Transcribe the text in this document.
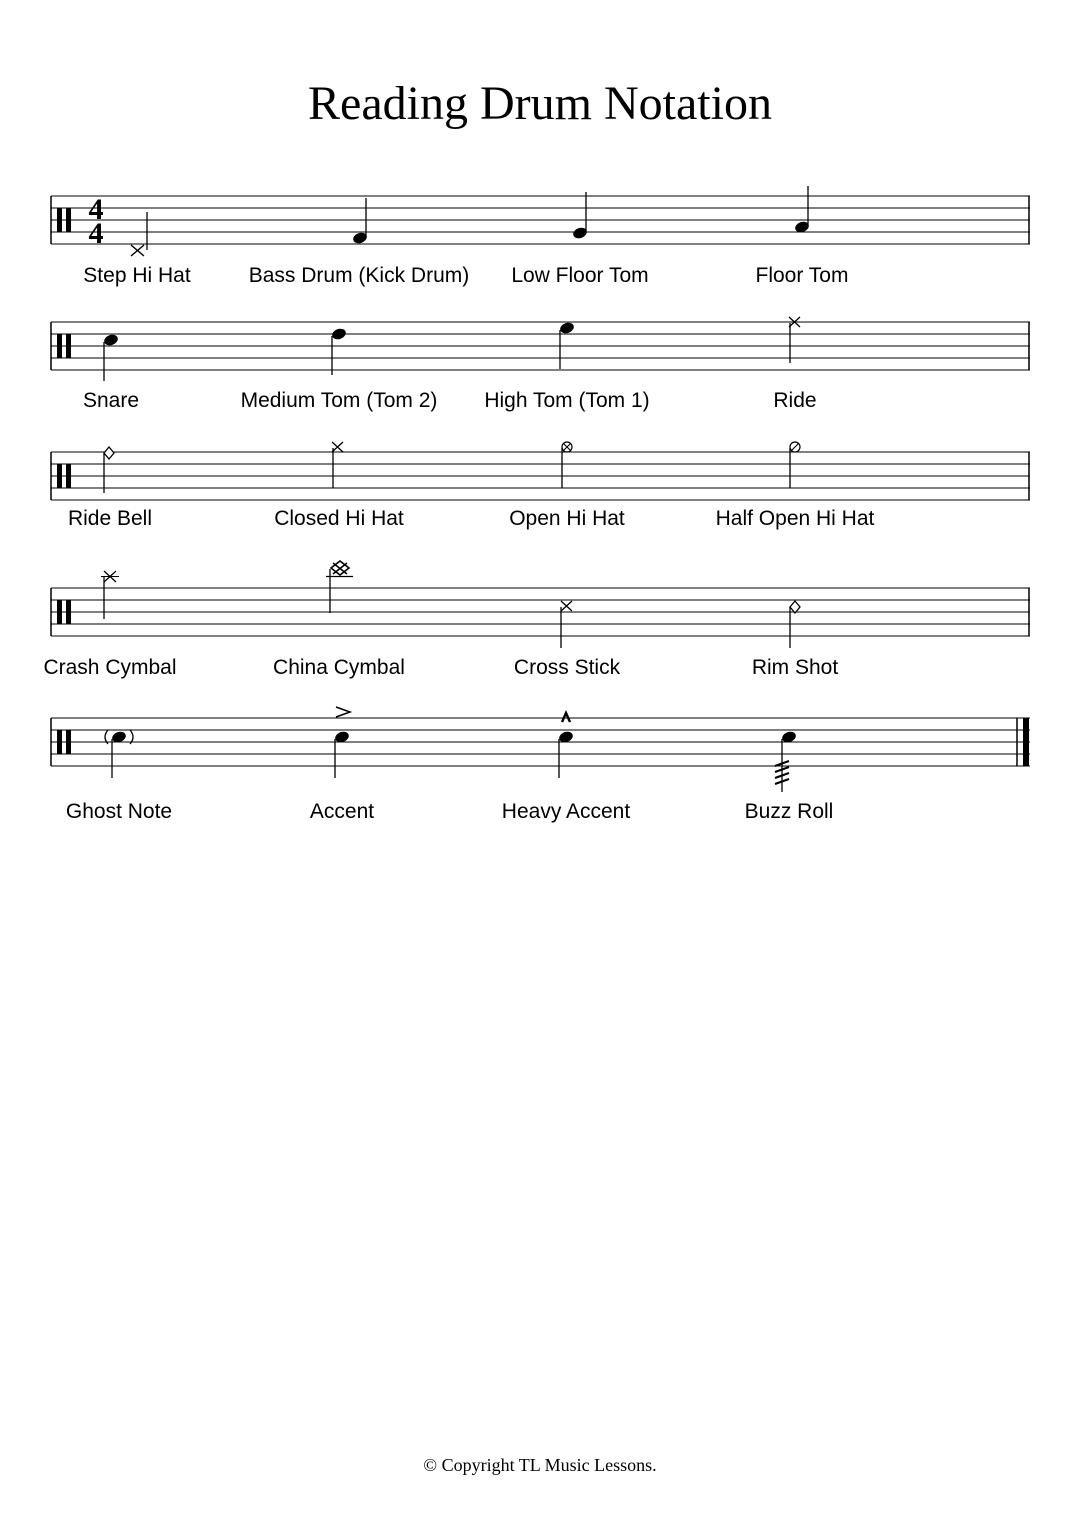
Reading Drum Notation
4
4
Step Hi Hat	Bass Drum (Kick Drum) Low Floor Tom	Floor Tom
Snare	Medium Tom (Tom 2) High Tom (Tom 1)	Ride
Ride Bell	Closed Hi Hat	Open Hi Hat	Half Open Hi Hat
Crash Cymbal	China Cymbal	Cross Stick	Rim Shot
Ghost Note	Accent	Heavy Accent	Buzz Roll
© Copyright TL Music Lessons.
